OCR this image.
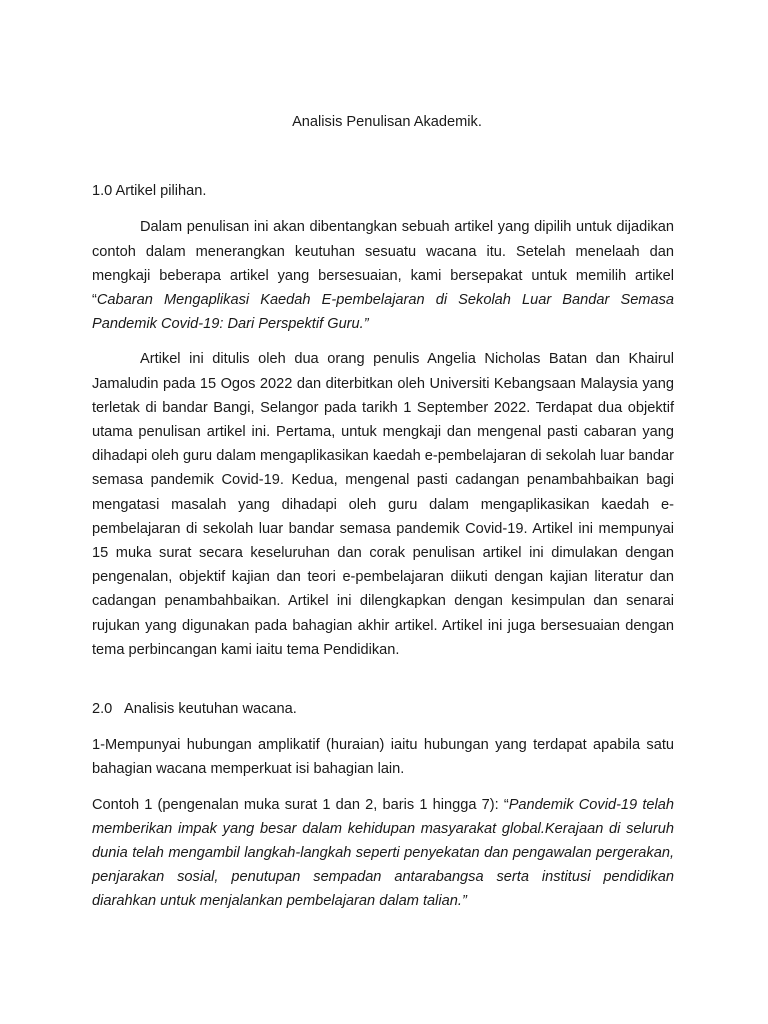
Analisis Penulisan Akademik.

1.0 Artikel pilihan.

Dalam penulisan ini akan dibentangkan sebuah artikel yang dipilih untuk dijadikan contoh dalam menerangkan keutuhan sesuatu wacana itu. Setelah menelaah dan mengkaji beberapa artikel yang bersesuaian, kami bersepakat untuk memilih artikel “Cabaran Mengaplikasi Kaedah E-pembelajaran di Sekolah Luar Bandar Semasa Pandemik Covid-19: Dari Perspektif Guru.”

Artikel ini ditulis oleh dua orang penulis Angelia Nicholas Batan dan Khairul Jamaludin pada 15 Ogos 2022 dan diterbitkan oleh Universiti Kebangsaan Malaysia yang terletak di bandar Bangi, Selangor pada tarikh 1 September 2022. Terdapat dua objektif utama penulisan artikel ini. Pertama, untuk mengkaji dan mengenal pasti cabaran yang dihadapi oleh guru dalam mengaplikasikan kaedah e-pembelajaran di sekolah luar bandar semasa pandemik Covid-19. Kedua, mengenal pasti cadangan penambahbaikan bagi mengatasi masalah yang dihadapi oleh guru dalam mengaplikasikan kaedah e-pembelajaran di sekolah luar bandar semasa pandemik Covid-19. Artikel ini mempunyai 15 muka surat secara keseluruhan dan corak penulisan artikel ini dimulakan dengan pengenalan, objektif kajian dan teori e-pembelajaran diikuti dengan kajian literatur dan cadangan penambahbaikan. Artikel ini dilengkapkan dengan kesimpulan dan senarai rujukan yang digunakan pada bahagian akhir artikel. Artikel ini juga bersesuaian dengan tema perbincangan kami iaitu tema Pendidikan.

2.0 Analisis keutuhan wacana.

1-Mempunyai hubungan amplikatif (huraian) iaitu hubungan yang terdapat apabila satu bahagian wacana memperkuat isi bahagian lain.

Contoh 1 (pengenalan muka surat 1 dan 2, baris 1 hingga 7): “Pandemik Covid-19 telah memberikan impak yang besar dalam kehidupan masyarakat global.Kerajaan di seluruh dunia telah mengambil langkah-langkah seperti penyekatan dan pengawalan pergerakan, penjarakan sosial, penutupan sempadan antarabangsa serta institusi pendidikan diarahkan untuk menjalankan pembelajaran dalam talian.”
